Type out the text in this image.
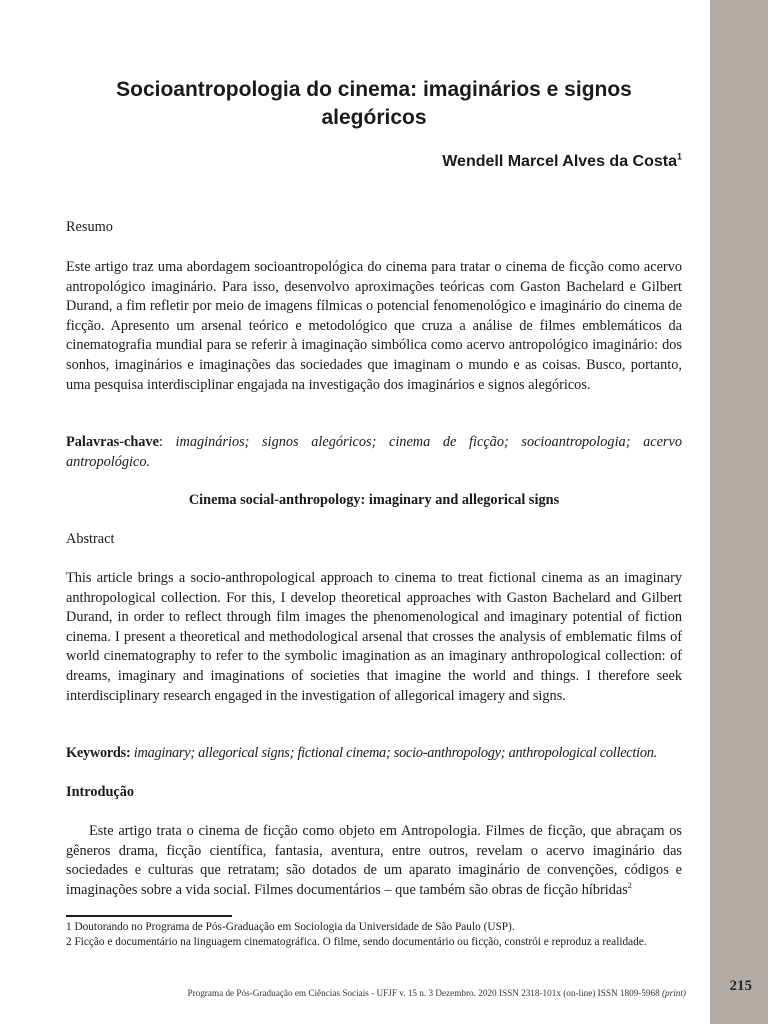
215
Socioantropologia do cinema: imaginários e signos alegóricos
Wendell Marcel Alves da Costa$^1$
Resumo
Este artigo traz uma abordagem socioantropológica do cinema para tratar o cinema de ficção como acervo antropológico imaginário. Para isso, desenvolvo aproximações teóricas com Gaston Bachelard e Gilbert Durand, a fim refletir por meio de imagens fílmicas o potencial fenomenológico e imaginário do cinema de ficção. Apresento um arsenal teórico e metodológico que cruza a análise de filmes emblemáticos da cinematografia mundial para se referir à imaginação simbólica como acervo antropológico imaginário: dos sonhos, imaginários e imaginações das sociedades que imaginam o mundo e as coisas. Busco, portanto, uma pesquisa interdisciplinar engajada na investigação dos imaginários e signos alegóricos.
Palavras-chave: imaginários; signos alegóricos; cinema de ficção; socioantropologia; acervo antropológico.
Cinema social-anthropology: imaginary and allegorical signs
Abstract
This article brings a socio-anthropological approach to cinema to treat fictional cinema as an imaginary anthropological collection. For this, I develop theoretical approaches with Gaston Bachelard and Gilbert Durand, in order to reflect through film images the phenomenological and imaginary potential of fiction cinema. I present a theoretical and methodological arsenal that crosses the analysis of emblematic films of world cinematography to refer to the symbolic imagination as an imaginary anthropological collection: of dreams, imaginary and imaginations of societies that imagine the world and things. I therefore seek interdisciplinary research engaged in the investigation of allegorical imagery and signs.
Keywords: imaginary; allegorical signs; fictional cinema; socio-anthropology; anthropological collection.
Introdução
Este artigo trata o cinema de ficção como objeto em Antropologia. Filmes de ficção, que abraçam os gêneros drama, ficção científica, fantasia, aventura, entre outros, revelam o acervo imaginário das sociedades e culturas que retratam; são dotados de um aparato imaginário de convenções, códigos e imaginações sobre a vida social. Filmes documentários – que também são obras de ficção híbridas$^2$
1 Doutorando no Programa de Pós-Graduação em Sociologia da Universidade de São Paulo (USP).
2 Ficção e documentário na linguagem cinematográfica. O filme, sendo documentário ou ficção, constrói e reproduz a realidade.
Programa de Pós-Graduação em Ciências Sociais - UFJF v. 15 n. 3 Dezembro. 2020 ISSN 2318-101x (on-line) ISSN 1809-5968 (print)
